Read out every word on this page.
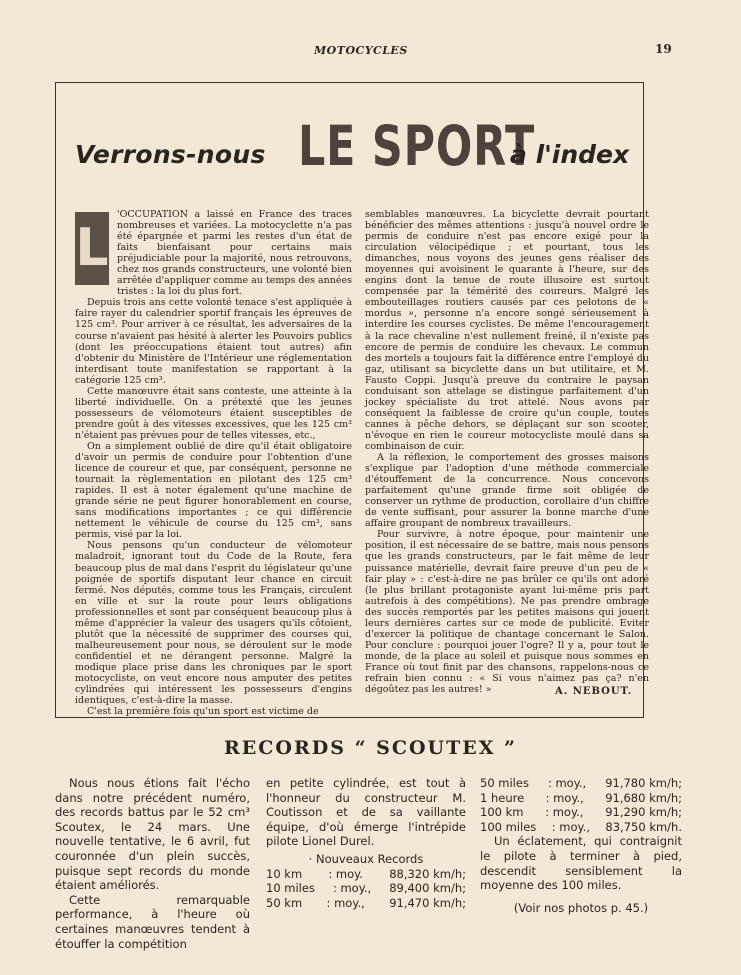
MOTOCYCLES	19
Verrons-nous LE SPORT
à l'index
L

'OCCUPATION a laissé en France des traces nombreuses et variées. La motocyclette n'a pas été épargnée et parmi les restes d'un état de faits bienfaisant pour certains mais préjudiciable pour la majorité, nous retrouvons, chez nos grands constructeurs, une volonté bien arrêtée d'appliquer comme au temps des années tristes : la loi du plus fort.

Depuis trois ans cette volonté tenace s'est appliquée à faire rayer du calendrier sportif français les épreuves de 125 cm³. Pour arriver à ce résultat, les adversaires de la course n'avaient pas hésité à alerter les Pouvoirs publics (dont les préoccupations étaient tout autres) afin d'obtenir du Ministère de l'Intérieur une réglementation interdisant toute manifestation se rapportant à la catégorie 125 cm³.

Cette manœuvre était sans conteste, une atteinte à la liberté individuelle. On a prétexté que les jeunes possesseurs de vélomoteurs étaient susceptibles de prendre goût à des vitesses excessives, que les 125 cm³ n'étaient pas prévues pour de telles vitesses, etc.,

On a simplement oublié de dire qu'il était obligatoire d'avoir un permis de conduire pour l'obtention d'une licence de coureur et que, par conséquent, personne ne tournait la règlementation en pilotant des 125 cm³ rapides. Il est à noter également qu'une machine de grande série ne peut figurer honorablement en course, sans modifications importantes ; ce qui différencie nettement le véhicule de course du 125 cm³, sans permis, visé par la loi.

Nous pensons qu'un conducteur de vélomoteur maladroit, ignorant tout du Code de la Route, fera beaucoup plus de mal dans l'esprit du législateur qu'une poignée de sportifs disputant leur chance en circuit fermé. Nos députés, comme tous les Français, circulent en ville et sur la route pour leurs obligations professionnelles et sont par conséquent beaucoup plus à même d'apprécier la valeur des usagers qu'ils côtoient, plutôt que la nécessité de supprimer des courses qui, malheureusement pour nous, se déroulent sur le mode confidentiel et ne dérangent personne. Malgré la modique place prise dans les chroniques par le sport motocycliste, on veut encore nous amputer des petites cylindrées qui intéressent les possesseurs d'engins identiques, c'est-à-dire la masse.

C'est la première fois qu'un sport est victime de

semblables manœuvres. La bicyclette devrait pourtant bénéficier des mêmes attentions : jusqu'à nouvel ordre le permis de conduire n'est pas encore exigé pour la circulation vélocipédique ; et pourtant, tous les dimanches, nous voyons des jeunes gens réaliser des moyennes qui avoisinent le quarante à l'heure, sur des engins dont la tenue de route illusoire est surtout compensée par la témérité des coureurs. Malgré les embouteillages routiers causés par ces pelotons de « mordus », personne n'a encore songé sérieusement à interdire les courses cyclistes. De même l'encouragement à la race chevaline n'est nullement freiné, il n'existe pas encore de permis de conduire les chevaux. Le commun des mortels a toujours fait la différence entre l'employé du gaz, utilisant sa bicyclette dans un but utilitaire, et M. Fausto Coppi. Jusqu'à preuve du contraire le paysan conduisant son attelage se distingue parfaitement d'un jockey spécialiste du trot attelé. Nous avons par conséquent la faiblesse de croire qu'un couple, toutes cannes à pêche dehors, se déplaçant sur son scooter, n'évoque en rien le coureur motocycliste moulé dans sa combinaison de cuir.

A la réflexion, le comportement des grosses maisons s'explique par l'adoption d'une méthode commerciale d'étouffement de la concurrence. Nous concevons parfaitement qu'une grande firme soit obligée de conserver un rythme de production, corollaire d'un chiffre de vente suffisant, pour assurer la bonne marche d'une affaire groupant de nombreux travailleurs.

Pour survivre, à notre époque, pour maintenir une position, il est nécessaire de se battre, mais nous pensons que les grands constructeurs, par le fait même de leur puissance matérielle, devrait faire preuve d'un peu de « fair play » : c'est-à-dire ne pas brûler ce qu'ils ont adoré (le plus brillant protagoniste ayant lui-même pris part autrefois à des compétitions). Ne pas prendre ombrage des succès remportés par les petites maisons qui jouent leurs dernières cartes sur ce mode de publicité. Eviter d'exercer la politique de chantage concernant le Salon. Pour conclure : pourquoi jouer l'ogre? Il y a, pour tout le monde, de la place au soleil et puisque nous sommes en France où tout finit par des chansons, rappelons-nous ce refrain bien connu : « Si vous n'aimez pas ça? n'en dégoûtez pas les autres! »	A. NEBOUT.
RECORDS “ SCOUTEX ”

Nous nous étions fait l'écho dans notre précédent numéro, des records battus par le 52 cm³ Scoutex, le 24 mars. Une nouvelle tentative, le 6 avril, fut couronnée d'un plein succès, puisque sept records du monde étaient améliorés.

Cette remarquable performance, à l'heure où certaines manœuvres tendent à étouffer la compétition

en petite cylindrée, est tout à l'honneur du constructeur M. Coutisson et de sa vaillante équipe, d'où émerge l'intrépide pilote Lionel Durel.

· Nouveaux Records
10 km : moy. 88,320 km/h;
10 miles : moy., 89,400 km/h;
50 km : moy., 91,470 km/h;
50 miles : moy., 91,780 km/h;
1 heure : moy., 91,680 km/h;
100 km : moy., 91,290 km/h;
100 miles : moy., 83,750 km/h.

Un éclatement, qui contraignit le pilote à terminer à pied, descendit sensiblement la moyenne des 100 miles.

(Voir nos photos p. 45.)
